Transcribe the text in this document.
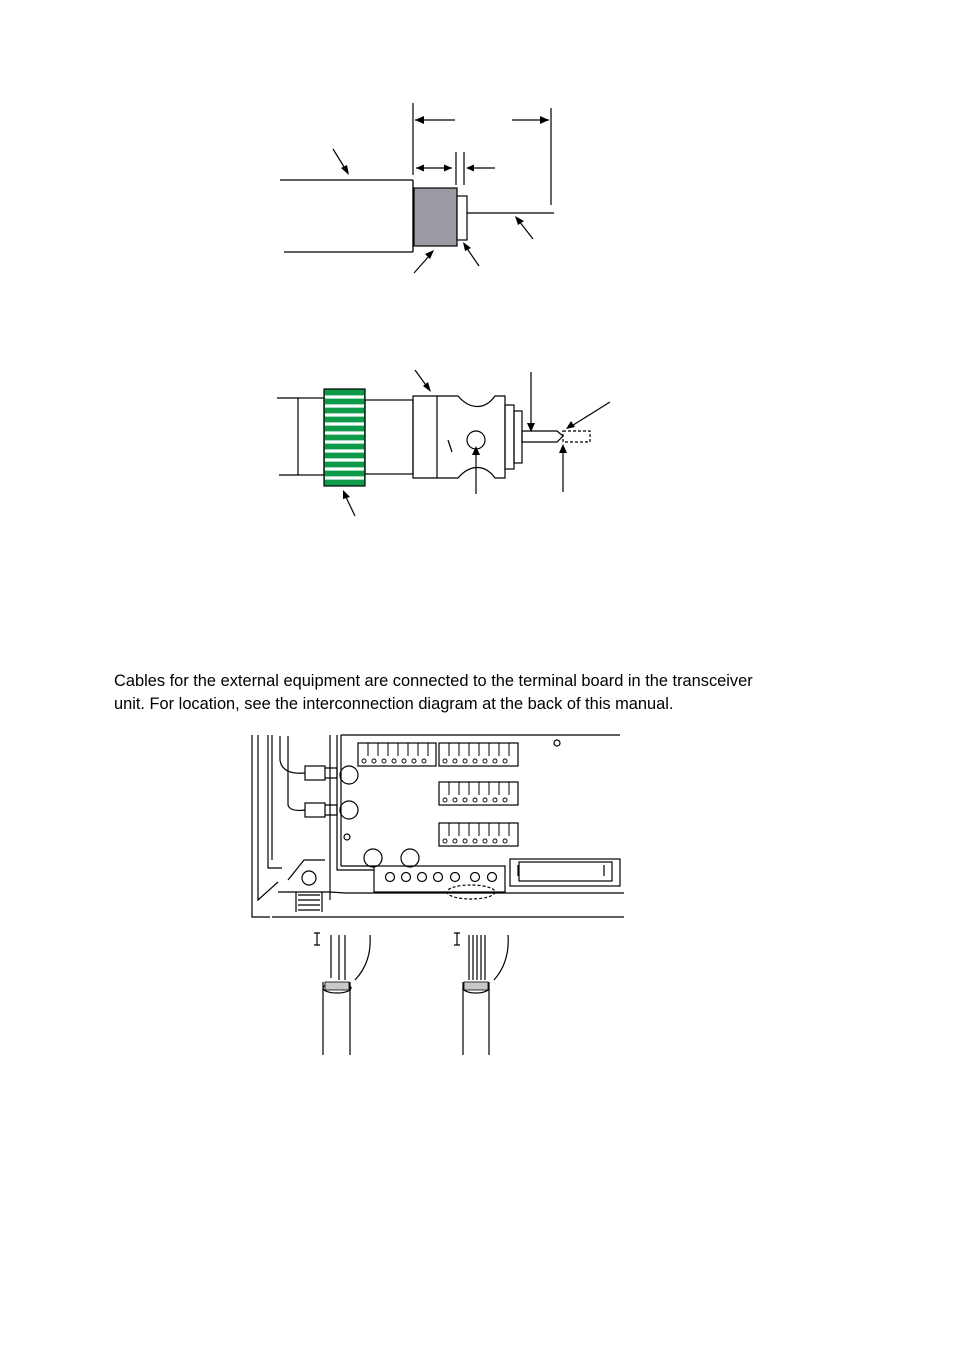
Cables for the external equipment are connected to the terminal board in the transceiver
unit. For location, see the interconnection diagram at the back of this manual.
